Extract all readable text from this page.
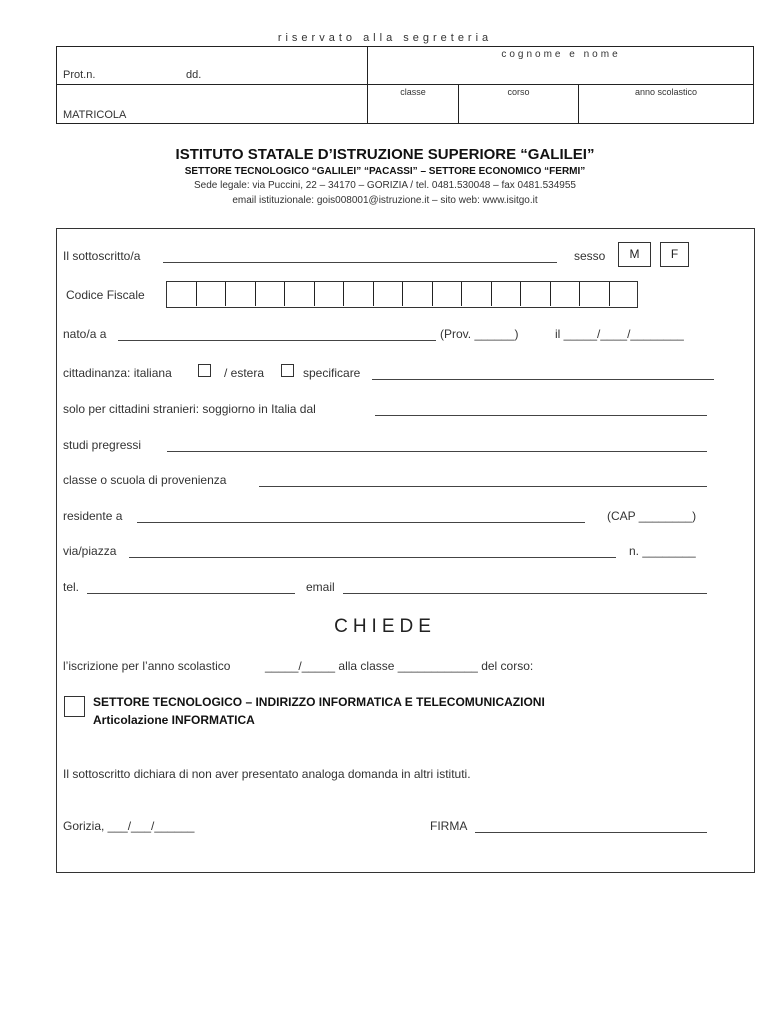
riservato alla segreteria
cognome e nome
Prot.n.	dd.
classe	corso	anno scolastico
MATRICOLA
ISTITUTO STATALE D’ISTRUZIONE SUPERIORE “GALILEI”
SETTORE TECNOLOGICO “GALILEI” “PACASSI” – SETTORE ECONOMICO “FERMI”
Sede legale: via Puccini, 22 – 34170 – GORIZIA / tel. 0481.530048 – fax 0481.534955
email istituzionale: gois008001@istruzione.it – sito web: www.isitgo.it
Il sottoscritto/a	sesso	M	F
Codice Fiscale
nato/a a	(Prov. ______)	il _____/____/________
cittadinanza: italiana	/ estera	specificare
solo per cittadini stranieri: soggiorno in Italia dal
studi pregressi
classe o scuola di provenienza
residente a	(CAP ________)
via/piazza	n. ________
tel.	email
CHIEDE
l’iscrizione per l’anno scolastico	_____/_____ alla classe ____________ del corso:
SETTORE TECNOLOGICO – INDIRIZZO INFORMATICA E TELECOMUNICAZIONI
Articolazione INFORMATICA
Il sottoscritto dichiara di non aver presentato analoga domanda in altri istituti.
Gorizia, ___/___/______	FIRMA
